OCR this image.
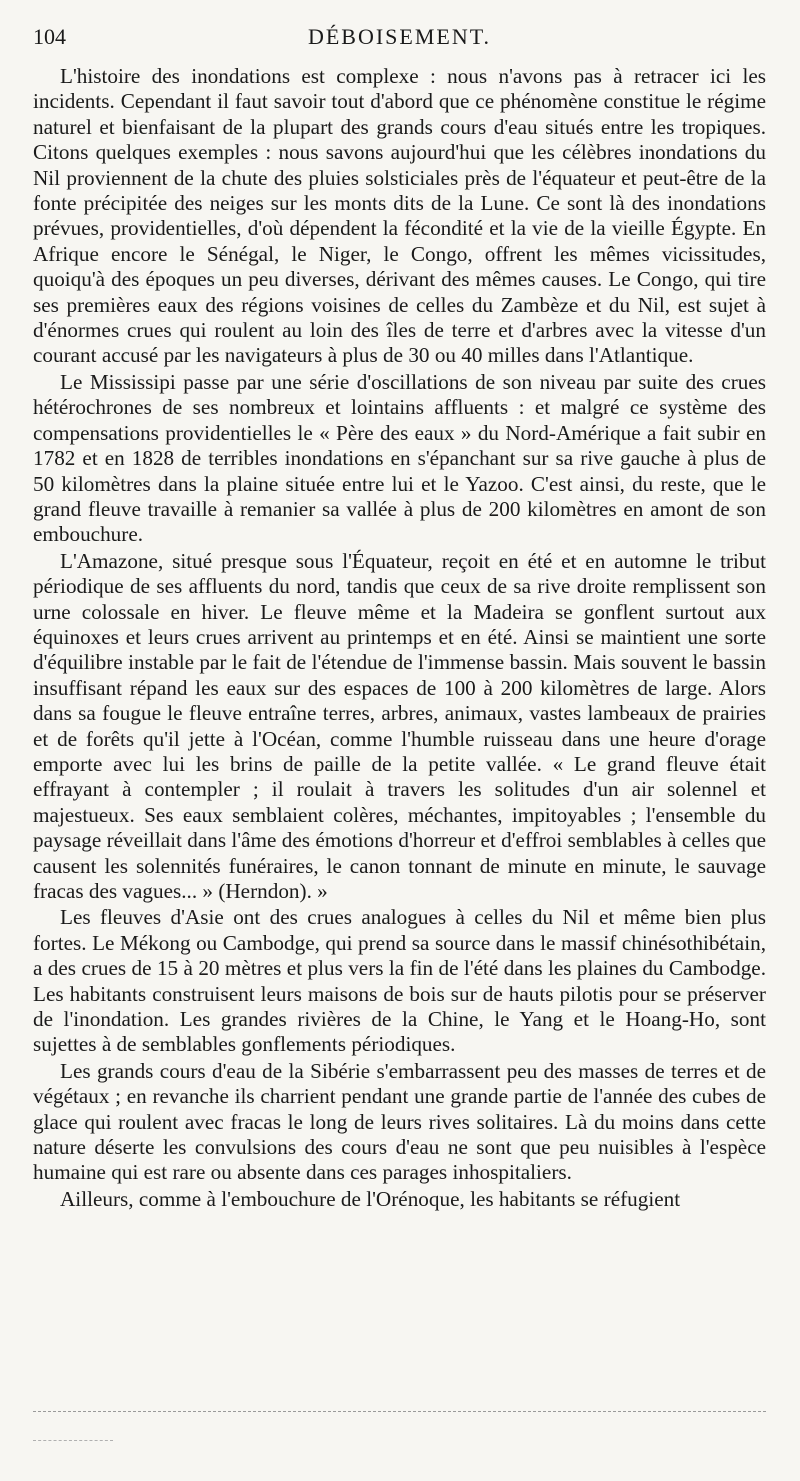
104	DÉBOISEMENT.

L'histoire des inondations est complexe : nous n'avons pas à retracer ici les incidents. Cependant il faut savoir tout d'abord que ce phénomène constitue le régime naturel et bienfaisant de la plupart des grands cours d'eau situés entre les tropiques. Citons quelques exemples : nous savons aujourd'hui que les célèbres inondations du Nil proviennent de la chute des pluies solsticiales près de l'équateur et peut-être de la fonte précipitée des neiges sur les monts dits de la Lune. Ce sont là des inondations prévues, providentielles, d'où dépendent la fécondité et la vie de la vieille Égypte. En Afrique encore le Sénégal, le Niger, le Congo, offrent les mêmes vicissitudes, quoiqu'à des époques un peu diverses, dérivant des mêmes causes. Le Congo, qui tire ses premières eaux des régions voisines de celles du Zambèze et du Nil, est sujet à d'énormes crues qui roulent au loin des îles de terre et d'arbres avec la vitesse d'un courant accusé par les navigateurs à plus de 30 ou 40 milles dans l'Atlantique.

Le Mississipi passe par une série d'oscillations de son niveau par suite des crues hétérochrones de ses nombreux et lointains affluents : et malgré ce système des compensations providentielles le « Père des eaux » du Nord-Amérique a fait subir en 1782 et en 1828 de terribles inondations en s'épanchant sur sa rive gauche à plus de 50 kilomètres dans la plaine située entre lui et le Yazoo. C'est ainsi, du reste, que le grand fleuve travaille à remanier sa vallée à plus de 200 kilomètres en amont de son embouchure.

L'Amazone, situé presque sous l'Équateur, reçoit en été et en automne le tribut périodique de ses affluents du nord, tandis que ceux de sa rive droite remplissent son urne colossale en hiver. Le fleuve même et la Madeira se gonflent surtout aux équinoxes et leurs crues arrivent au printemps et en été. Ainsi se maintient une sorte d'équilibre instable par le fait de l'étendue de l'immense bassin. Mais souvent le bassin insuffisant répand les eaux sur des espaces de 100 à 200 kilomètres de large. Alors dans sa fougue le fleuve entraîne terres, arbres, animaux, vastes lambeaux de prairies et de forêts qu'il jette à l'Océan, comme l'humble ruisseau dans une heure d'orage emporte avec lui les brins de paille de la petite vallée. « Le grand fleuve était effrayant à contempler ; il roulait à travers les solitudes d'un air solennel et majestueux. Ses eaux semblaient colères, méchantes, impitoyables ; l'ensemble du paysage réveillait dans l'âme des émotions d'horreur et d'effroi semblables à celles que causent les solennités funéraires, le canon tonnant de minute en minute, le sauvage fracas des vagues... » (Herndon). »

Les fleuves d'Asie ont des crues analogues à celles du Nil et même bien plus fortes. Le Mékong ou Cambodge, qui prend sa source dans le massif chinésothibétain, a des crues de 15 à 20 mètres et plus vers la fin de l'été dans les plaines du Cambodge. Les habitants construisent leurs maisons de bois sur de hauts pilotis pour se préserver de l'inondation. Les grandes rivières de la Chine, le Yang et le Hoang-Ho, sont sujettes à de semblables gonflements périodiques.

Les grands cours d'eau de la Sibérie s'embarrassent peu des masses de terres et de végétaux ; en revanche ils charrient pendant une grande partie de l'année des cubes de glace qui roulent avec fracas le long de leurs rives solitaires. Là du moins dans cette nature déserte les convulsions des cours d'eau ne sont que peu nuisibles à l'espèce humaine qui est rare ou absente dans ces parages inhospitaliers.

Ailleurs, comme à l'embouchure de l'Orénoque, les habitants se réfugient
